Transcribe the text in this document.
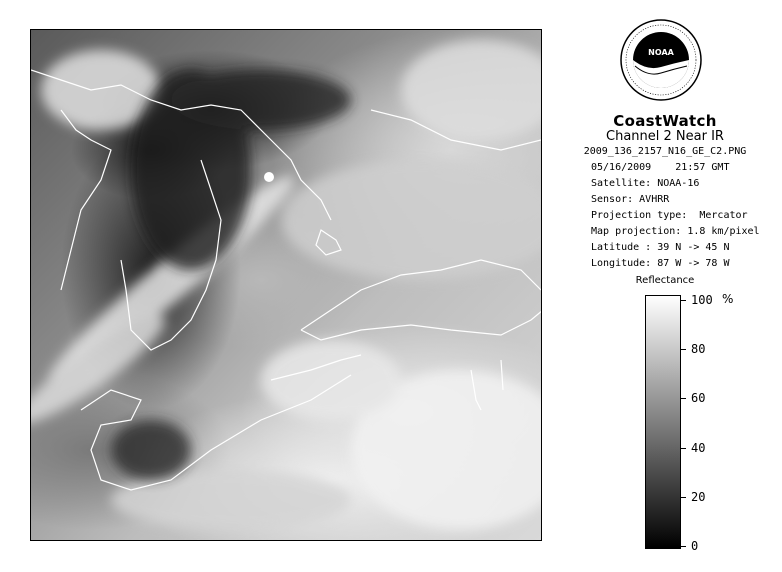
NOAA
CoastWatch
Channel 2 Near IR
2009_136_2157_N16_GE_C2.PNG
05/16/2009    21:57 GMT
Satellite: NOAA-16
Sensor: AVHRR
Projection type:  Mercator
Map projection: 1.8 km/pixel
Latitude : 39 N -> 45 N
Longitude: 87 W -> 78 W
Reflectance
%
100
80
60
40
20
0
